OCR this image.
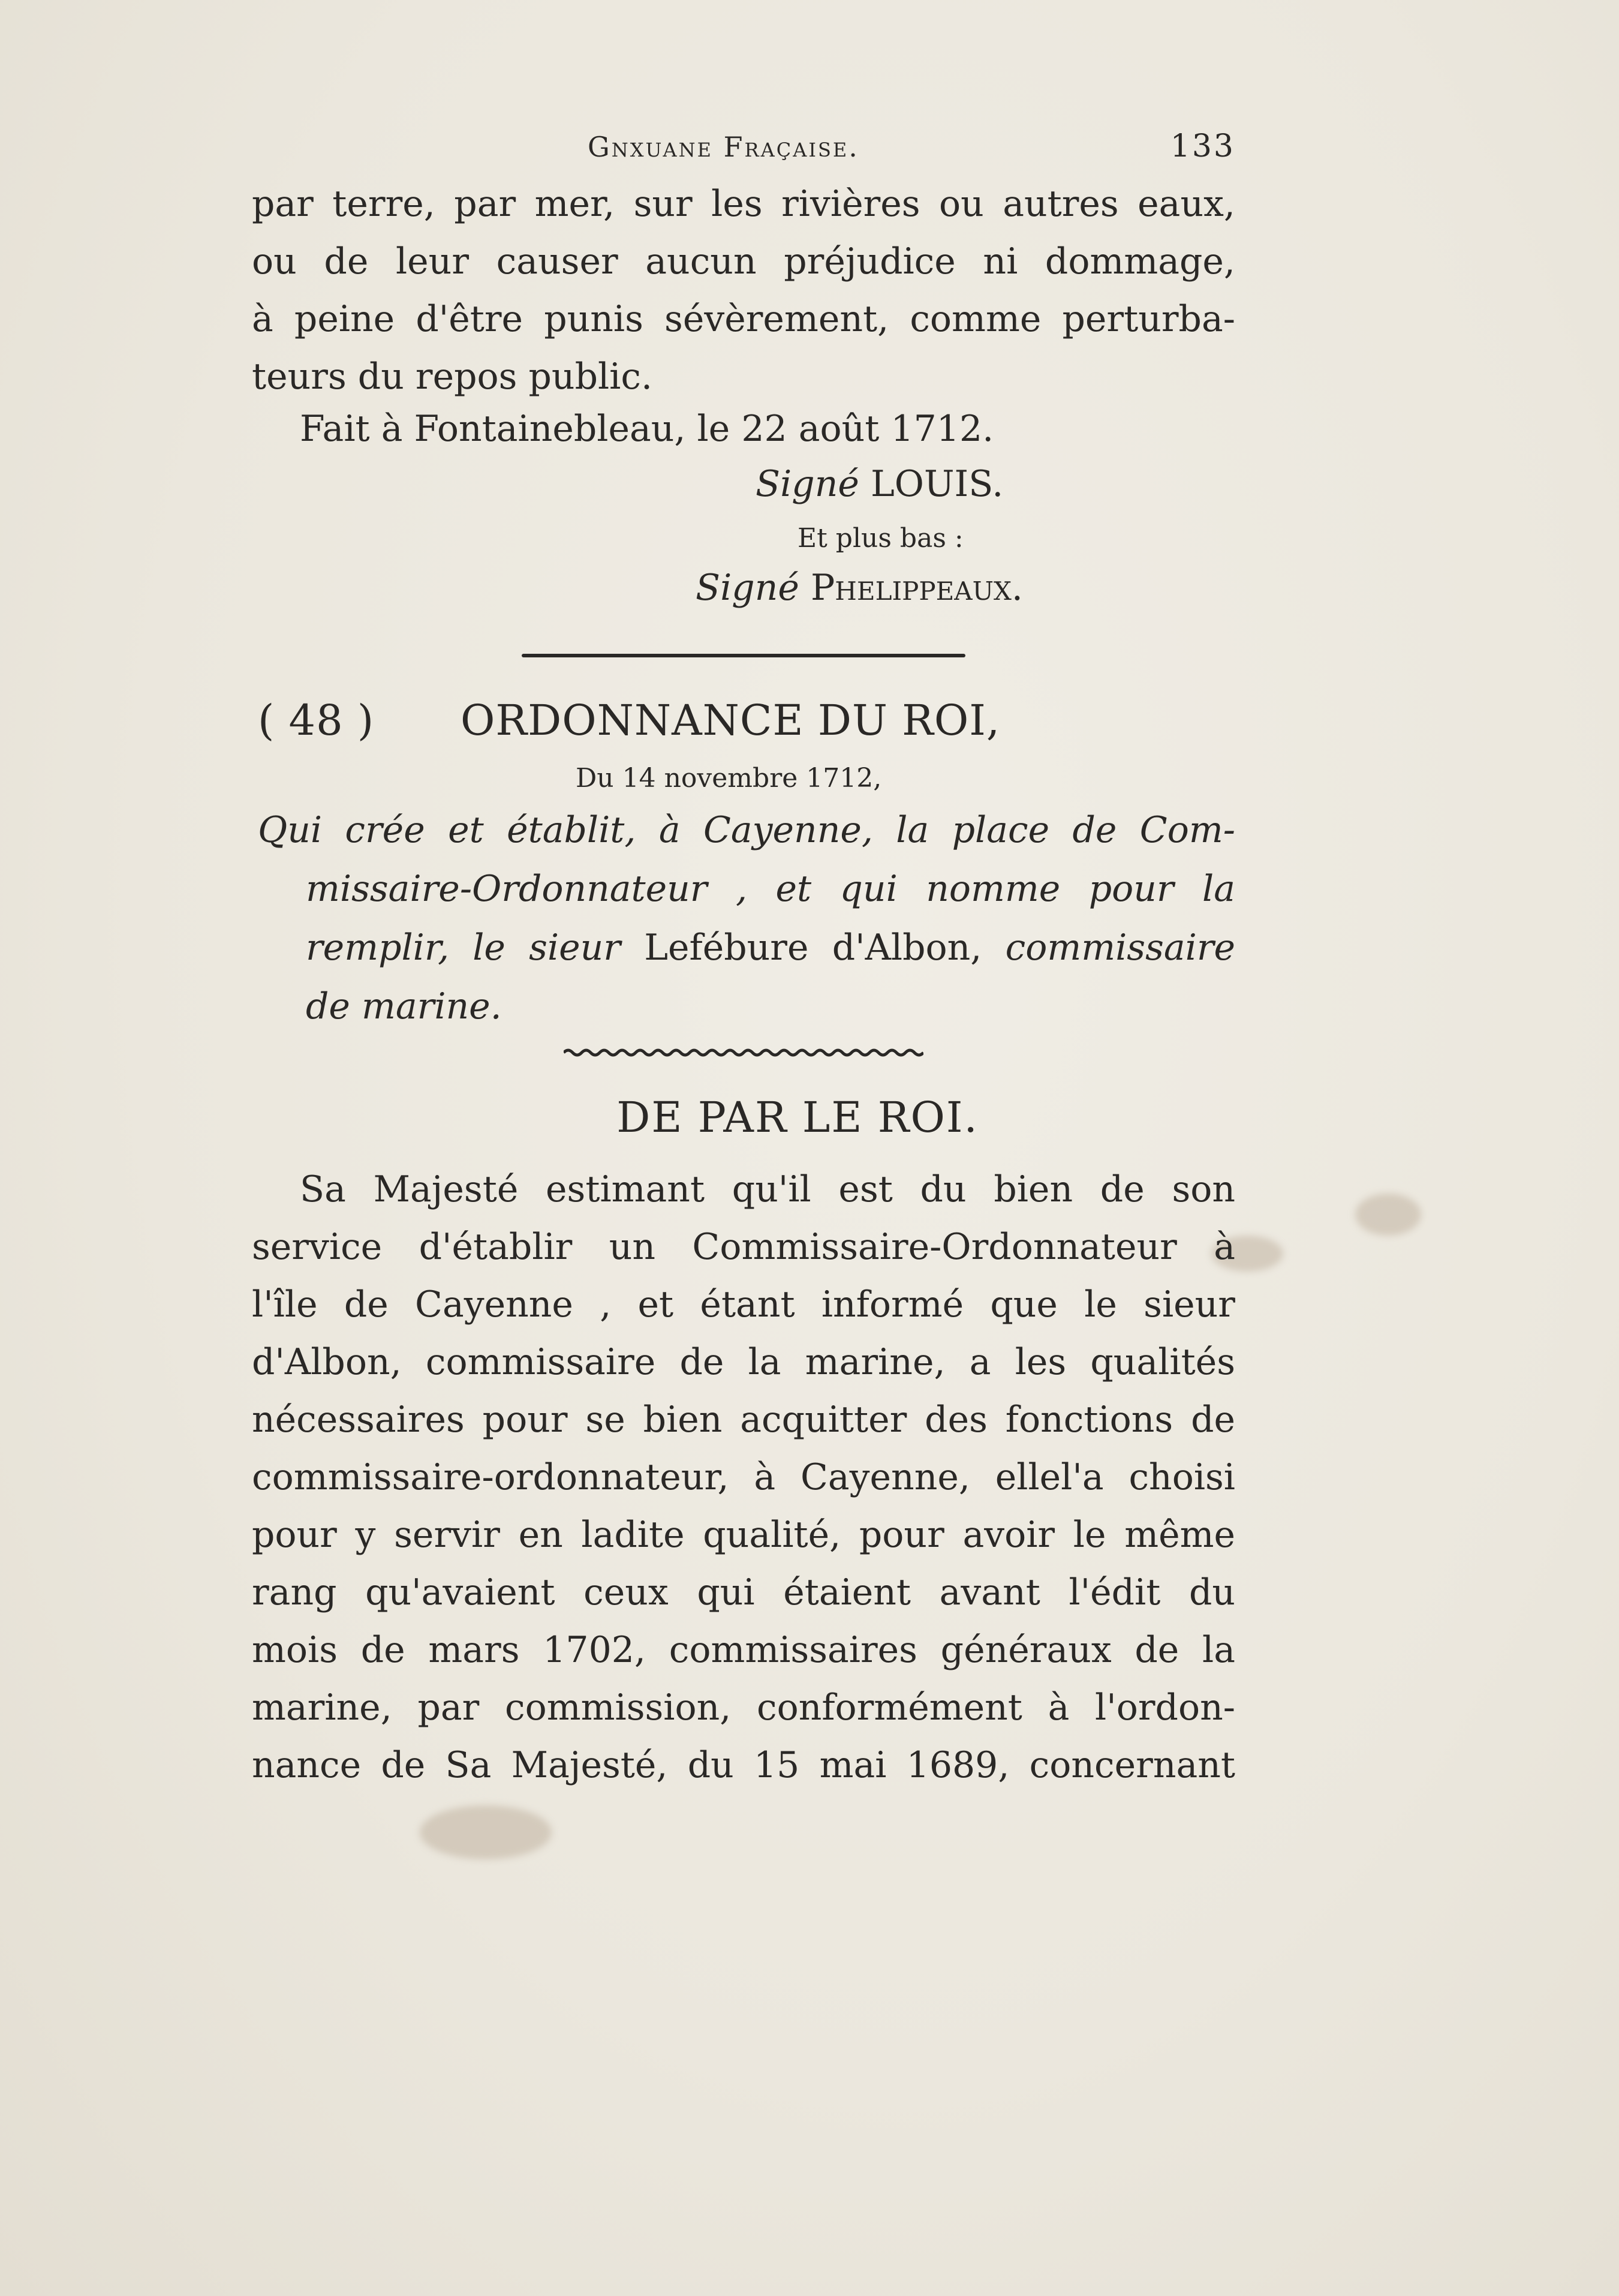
Gnxuane Fraçaise.	133
par terre, par mer, sur les rivières ou autres eaux,
ou de leur causer aucun préjudice ni dommage,
à peine d'être punis sévèrement, comme perturba-
teurs du repos public.
Fait à Fontainebleau, le 22 août 1712.
Signé LOUIS.
Et plus bas :
Signé Phelippeaux.
( 48 ) ORDONNANCE DU ROI,
Du 14 novembre 1712,
Qui crée et établit, à Cayenne, la place de Com-
missaire-Ordonnateur , et qui nomme pour la
remplir, le sieur Lefébure d'Albon, commissaire
de marine.
DE PAR LE ROI.
Sa Majesté estimant qu'il est du bien de son
service d'établir un Commissaire-Ordonnateur à
l'île de Cayenne , et étant informé que le sieur
d'Albon, commissaire de la marine, a les qualités
nécessaires pour se bien acquitter des fonctions de
commissaire-ordonnateur, à Cayenne, ellel'a choisi
pour y servir en ladite qualité, pour avoir le même
rang qu'avaient ceux qui étaient avant l'édit du
mois de mars 1702, commissaires généraux de la
marine, par commission, conformément à l'ordon-
nance de Sa Majesté, du 15 mai 1689, concernant
